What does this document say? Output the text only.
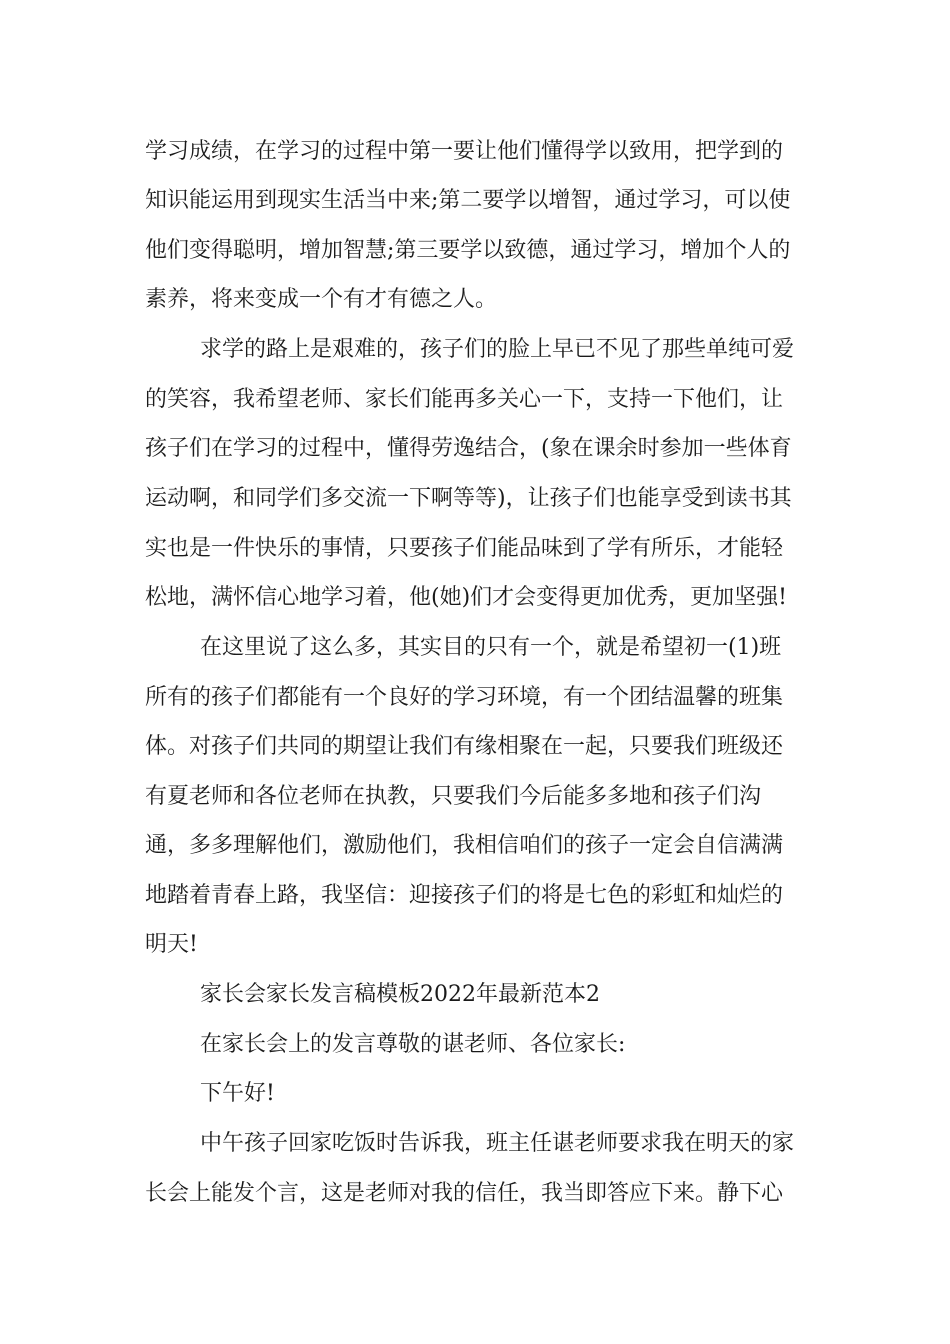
学习成绩，在学习的过程中第一要让他们懂得学以致用，把学到的
知识能运用到现实生活当中来;第二要学以增智，通过学习，可以使
他们变得聪明，增加智慧;第三要学以致德，通过学习，增加个人的
素养，将来变成一个有才有德之人。
求学的路上是艰难的，孩子们的脸上早已不见了那些单纯可爱
的笑容，我希望老师、家长们能再多关心一下，支持一下他们，让
孩子们在学习的过程中，懂得劳逸结合，(象在课余时参加一些体育
运动啊，和同学们多交流一下啊等等)，让孩子们也能享受到读书其
实也是一件快乐的事情，只要孩子们能品味到了学有所乐，才能轻
松地，满怀信心地学习着，他(她)们才会变得更加优秀，更加坚强!
在这里说了这么多，其实目的只有一个，就是希望初一(1)班
所有的孩子们都能有一个良好的学习环境，有一个团结温馨的班集
体。对孩子们共同的期望让我们有缘相聚在一起，只要我们班级还
有夏老师和各位老师在执教，只要我们今后能多多地和孩子们沟
通，多多理解他们，激励他们，我相信咱们的孩子一定会自信满满
地踏着青春上路，我坚信：迎接孩子们的将是七色的彩虹和灿烂的
明天!
家长会家长发言稿模板2022年最新范本2
在家长会上的发言尊敬的谌老师、各位家长:
下午好!
中午孩子回家吃饭时告诉我，班主任谌老师要求我在明天的家
长会上能发个言，这是老师对我的信任，我当即答应下来。静下心
